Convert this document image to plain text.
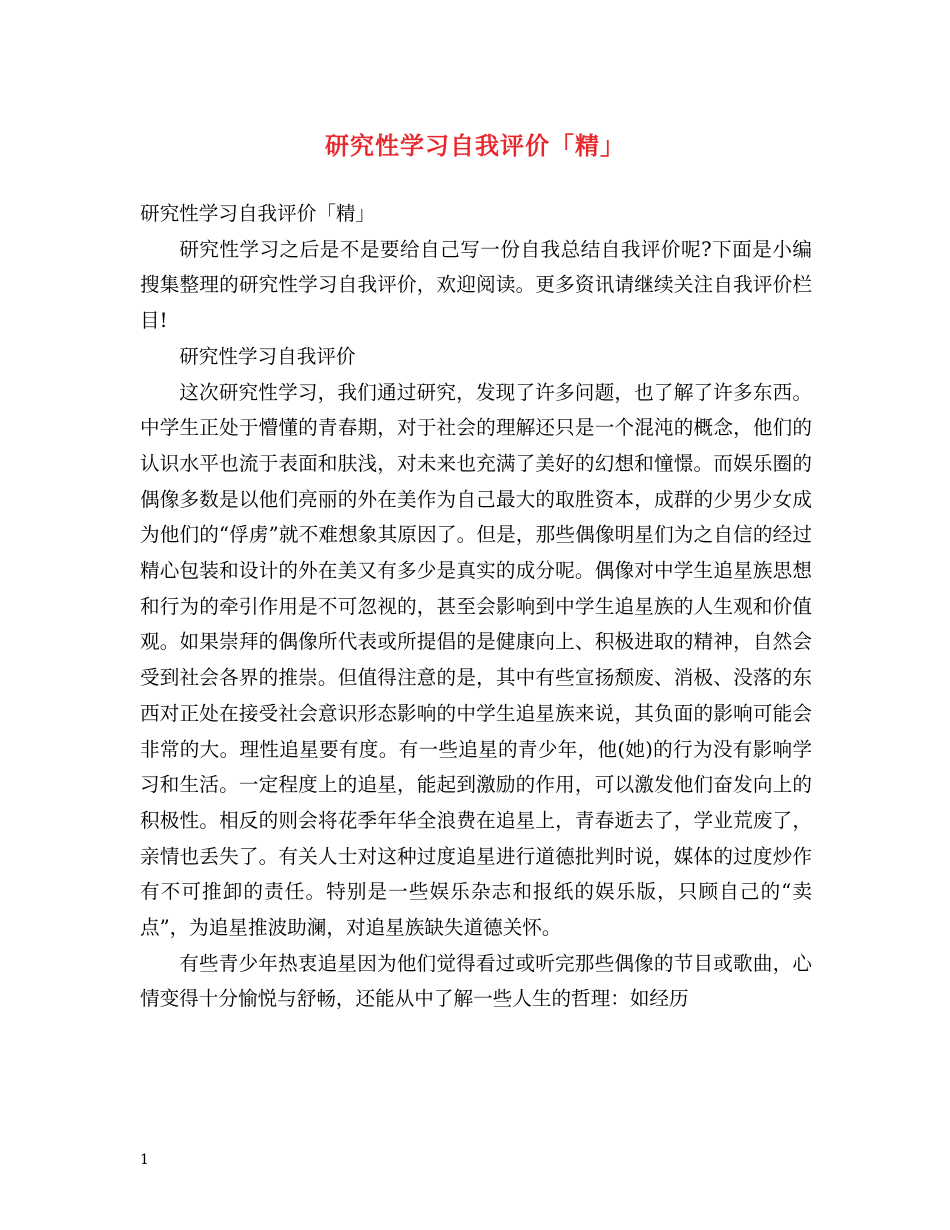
研究性学习自我评价「精」

研究性学习自我评价「精」

研究性学习之后是不是要给自己写一份自我总结自我评价呢?下面是小编搜集整理的研究性学习自我评价，欢迎阅读。更多资讯请继续关注自我评价栏目!

研究性学习自我评价

这次研究性学习，我们通过研究，发现了许多问题，也了解了许多东西。中学生正处于懵懂的青春期，对于社会的理解还只是一个混沌的概念，他们的认识水平也流于表面和肤浅，对未来也充满了美好的幻想和憧憬。而娱乐圈的偶像多数是以他们亮丽的外在美作为自己最大的取胜资本，成群的少男少女成为他们的“俘虏”就不难想象其原因了。但是，那些偶像明星们为之自信的经过精心包装和设计的外在美又有多少是真实的成分呢。偶像对中学生追星族思想和行为的牵引作用是不可忽视的，甚至会影响到中学生追星族的人生观和价值观。如果崇拜的偶像所代表或所提倡的是健康向上、积极进取的精神，自然会受到社会各界的推崇。但值得注意的是，其中有些宣扬颓废、消极、没落的东西对正处在接受社会意识形态影响的中学生追星族来说，其负面的影响可能会非常的大。理性追星要有度。有一些追星的青少年，他(她)的行为没有影响学习和生活。一定程度上的追星，能起到激励的作用，可以激发他们奋发向上的积极性。相反的则会将花季年华全浪费在追星上，青春逝去了，学业荒废了，亲情也丢失了。有关人士对这种过度追星进行道德批判时说，媒体的过度炒作有不可推卸的责任。特别是一些娱乐杂志和报纸的娱乐版，只顾自己的“卖点”，为追星推波助澜，对追星族缺失道德关怀。

有些青少年热衷追星因为他们觉得看过或听完那些偶像的节目或歌曲，心情变得十分愉悦与舒畅，还能从中了解一些人生的哲理：如经历

1
